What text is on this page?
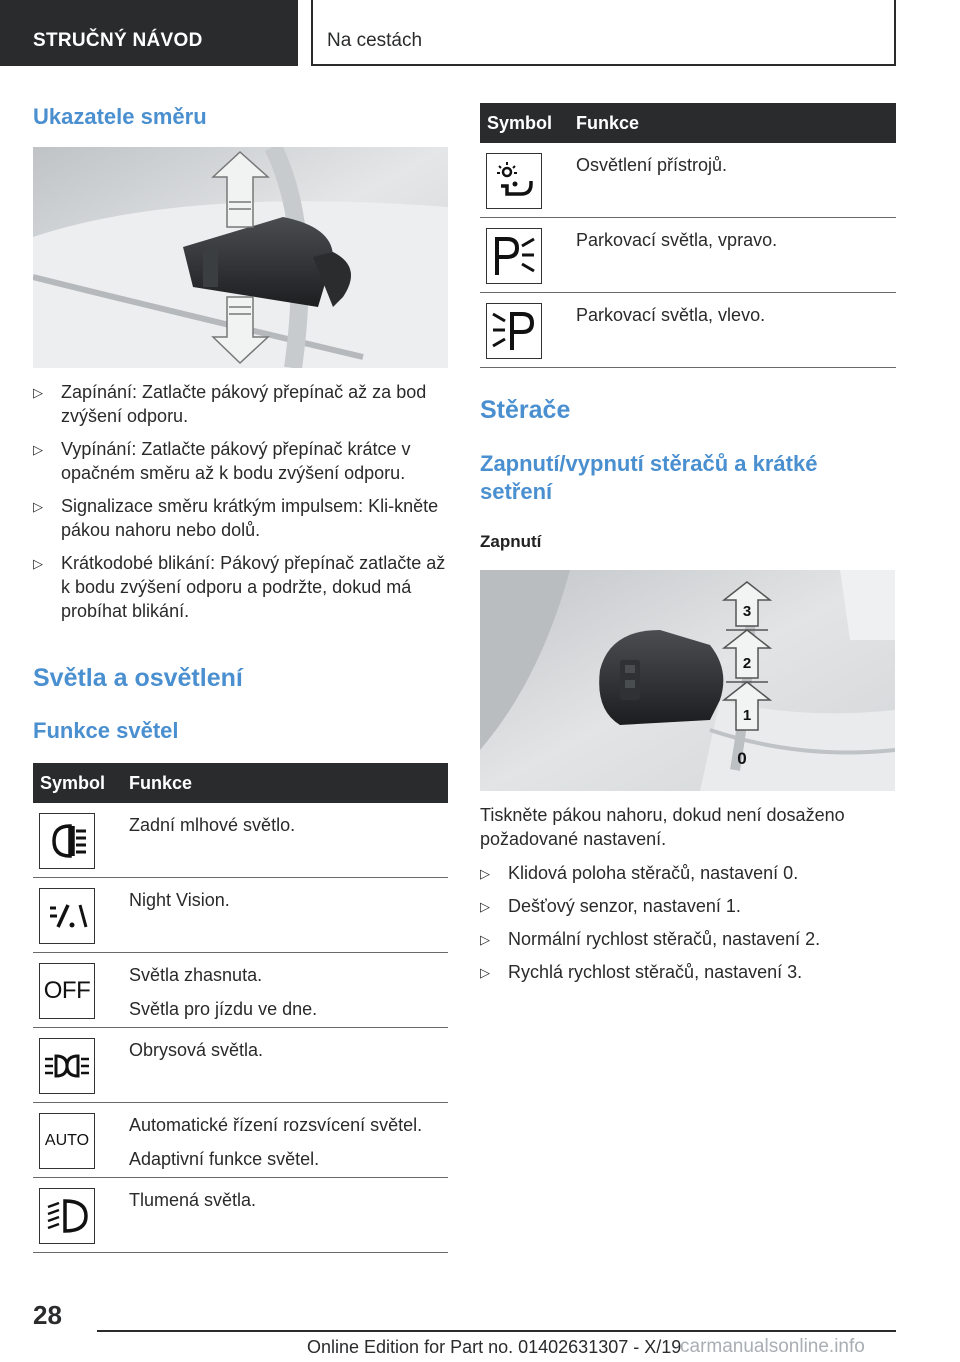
STRUČNÝ NÁVOD	Na cestách
Ukazatele směru
▷ Zapínání: Zatlačte pákový přepínač až za bod zvýšení odporu.
▷ Vypínání: Zatlačte pákový přepínač krátce v opačném směru až k bodu zvýšení odporu.
▷ Signalizace směru krátkým impulsem: Kli‐kněte pákou nahoru nebo dolů.
▷ Krátkodobé blikání: Pákový přepínač zatlačte až k bodu zvýšení odporu a podržte, dokud má probíhat blikání.
Světla a osvětlení
Funkce světel
Symbol Funkce
Zadní mlhové světlo.
Night Vision.
OFF
Světla zhasnuta.
Světla pro jízdu ve dne.
Obrysová světla.
AUTO
Automatické řízení rozsvícení světel.
Adaptivní funkce světel.
Tlumená světla.
Symbol Funkce
Osvětlení přístrojů.
Parkovací světla, vpravo.
Parkovací světla, vlevo.
Stěrače
Zapnutí/vypnutí stěračů a krátké setření
Zapnutí
1
2
3
0
Tiskněte pákou nahoru, dokud není dosaženo požadované nastavení.
▷ Klidová poloha stěračů, nastavení 0.
▷ Dešťový senzor, nastavení 1.
▷ Normální rychlost stěračů, nastavení 2.
▷ Rychlá rychlost stěračů, nastavení 3.
28
Online Edition for Part no. 01402631307 - X/19
carmanualsonline.info
